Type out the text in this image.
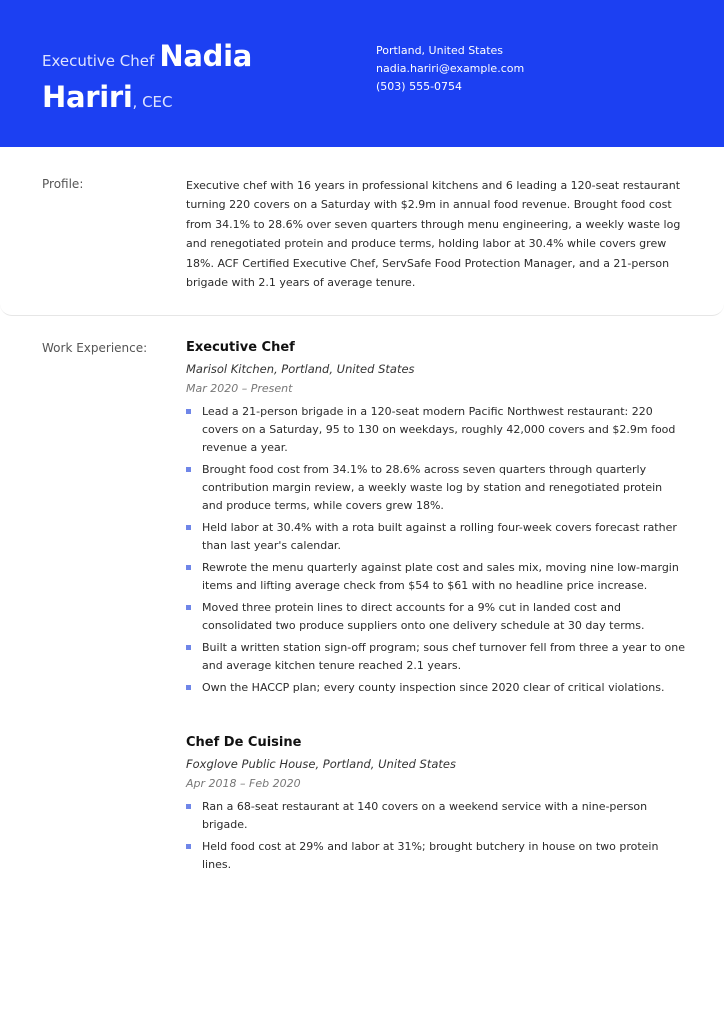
Executive Chef Nadia
Hariri, CEC
Portland, United States
nadia.hariri@example.com
(503) 555-0754
Profile:	Executive chef with 16 years in professional kitchens and 6 leading a 120-seat restaurant turning 220 covers on a Saturday with $2.9m in annual food revenue. Brought food cost from 34.1% to 28.6% over seven quarters through menu engineering, a weekly waste log and renegotiated protein and produce terms, holding labor at 30.4% while covers grew 18%. ACF Certified Executive Chef, ServSafe Food Protection Manager, and a 21-person brigade with 2.1 years of average tenure.
Work Experience:	Executive Chef
Marisol Kitchen, Portland, United States
Mar 2020 – Present
Lead a 21-person brigade in a 120-seat modern Pacific Northwest restaurant: 220 covers on a Saturday, 95 to 130 on weekdays, roughly 42,000 covers and $2.9m food revenue a year.
Brought food cost from 34.1% to 28.6% across seven quarters through quarterly contribution margin review, a weekly waste log by station and renegotiated protein and produce terms, while covers grew 18%.
Held labor at 30.4% with a rota built against a rolling four-week covers forecast rather than last year's calendar.
Rewrote the menu quarterly against plate cost and sales mix, moving nine low-margin items and lifting average check from $54 to $61 with no headline price increase.
Moved three protein lines to direct accounts for a 9% cut in landed cost and consolidated two produce suppliers onto one delivery schedule at 30 day terms.
Built a written station sign-off program; sous chef turnover fell from three a year to one and average kitchen tenure reached 2.1 years.
Own the HACCP plan; every county inspection since 2020 clear of critical violations.
Chef De Cuisine
Foxglove Public House, Portland, United States
Apr 2018 – Feb 2020
Ran a 68-seat restaurant at 140 covers on a weekend service with a nine-person brigade.
Held food cost at 29% and labor at 31%; brought butchery in house on two protein lines.
